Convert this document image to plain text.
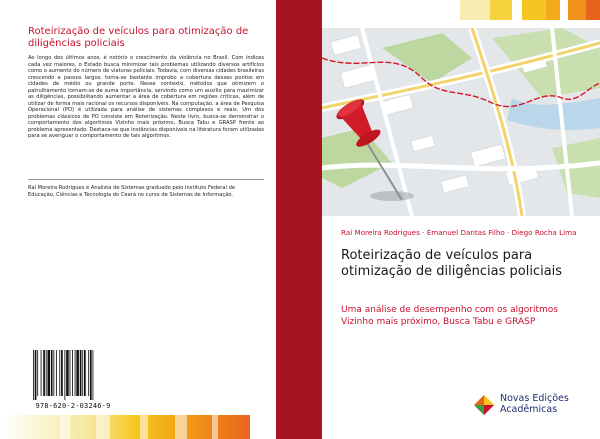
Roteirização de veículos para otimização de diligências policiais

Ao longo dos últimos anos, é notório o crescimento da violência no Brasil. Com índices cada vez maiores, o Estado busca minimizar tais problemas utilizando diversos artifícios como o aumento do número de viaturas policiais. Todavia, com diversas cidades brasileiras crescendo a passos largos, torna-se bastante improbo a cobertura desses pontos em cidades de médio ou grande porte. Nesse contexto, métodos que otimizem o patrulhamento tornam-se de suma importância, servindo como um auxílio para maximizar as diligências, possibilitando aumentar a área de cobertura em regiões críticas, além de utilizar de forma mais racional os recursos disponíveis. Na computação, a área de Pesquisa Operacional (PO) é utilizada para análise de sistemas complexos e reais. Um dos problemas clássicos de PO consiste em Roteirização. Neste livro, busca-se demonstrar o comportamento dos algoritmos Vizinho mais próximo, Busca Tabu e GRASP frente ao problema apresentado. Destaca-se que instâncias disponíveis na literatura foram utilizadas para se averiguar o comportamento de tais algoritmos.

Raí Moreira Rodrigues é Analista de Sistemas graduado pelo Instituto Federal de Educação, Ciências e Tecnologia do Ceará no curso de Sistemas de Informação.

978-620-2-03246-9

Raí Moreira Rodrigues · Emanuel Dantas Filho · Diego Rocha Lima

Roteirização de veículos para otimização de diligências policiais

Uma análise de desempenho com os algoritmos Vizinho mais próximo, Busca Tabu e GRASP

Novas Edições
Acadêmicas
